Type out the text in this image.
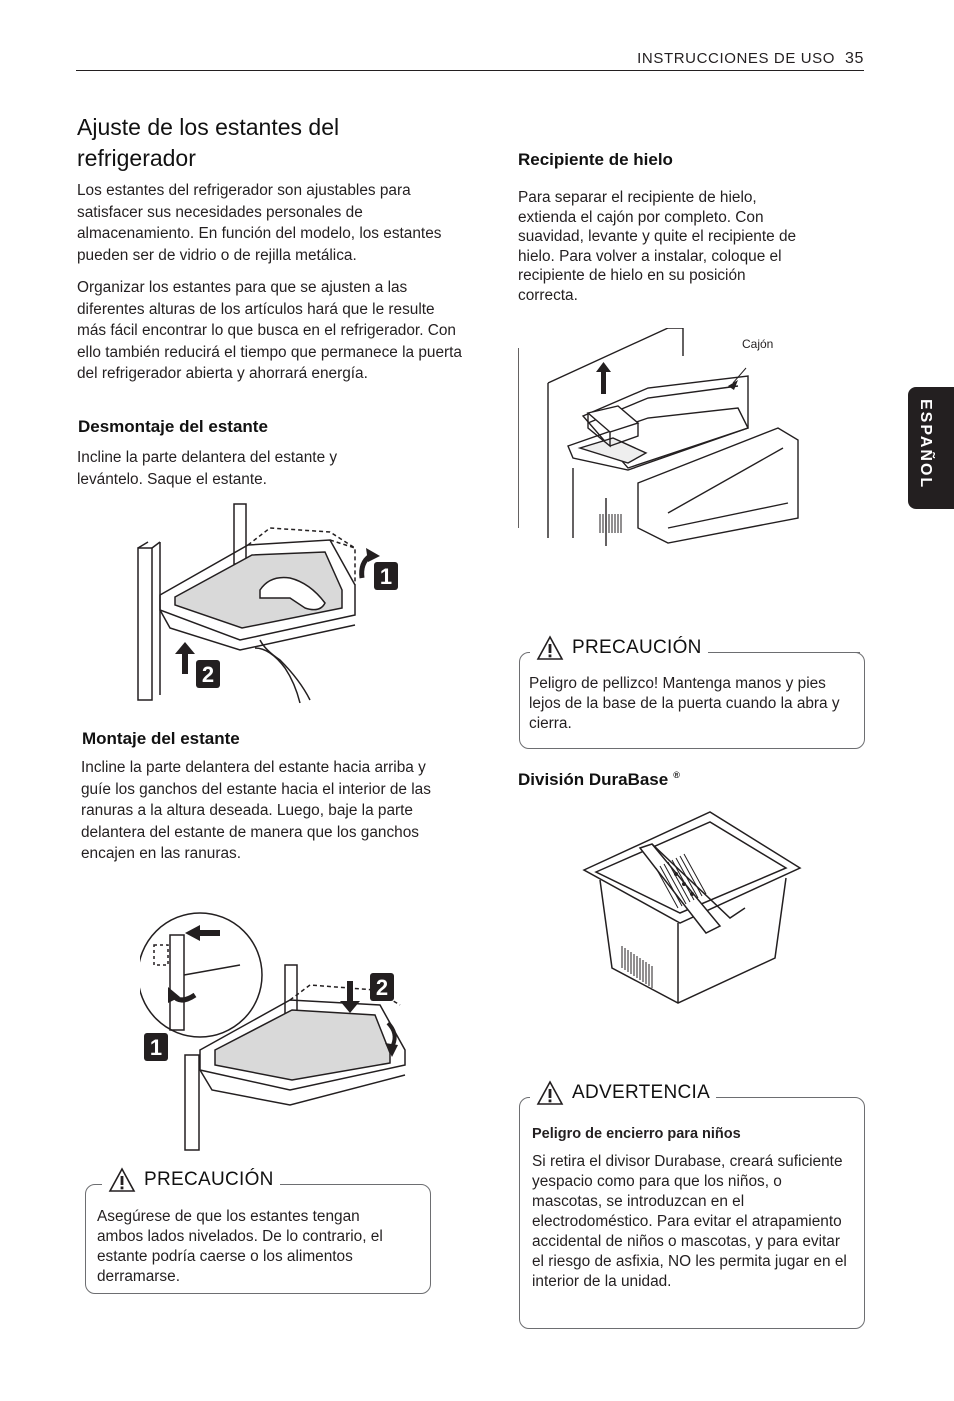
INSTRUCCIONES DE USO 35
ESPAÑOL
Ajuste de los estantes del refrigerador

Los estantes del refrigerador son ajustables para satisfacer sus necesidades personales de almacenamiento. En función del modelo, los estantes pueden ser de vidrio o de rejilla metálica.

Organizar los estantes para que se ajusten a las diferentes alturas de los artículos hará que le resulte más fácil encontrar lo que busca en el refrigerador. Con ello también reducirá el tiempo que permanece la puerta del refrigerador abierta y ahorrará energía.

Desmontaje del estante

Incline la parte delantera del estante y levántelo. Saque el estante.

1
2
Montaje del estante

Incline la parte delantera del estante hacia arriba y guíe los ganchos del estante hacia el interior de las ranuras a la altura deseada. Luego, baje la parte delantera del estante de manera que los ganchos encajen en las ranuras.

2
1
PRECAUCIÓN

Asegúrese de que los estantes tengan ambos lados nivelados. De lo contrario, el estante podría caerse o los alimentos derramarse.

Recipiente de hielo

Para separar el recipiente de hielo, extienda el cajón por completo. Con suavidad, levante y quite el recipiente de hielo. Para volver a instalar, coloque el recipiente de hielo en su posición correcta.

Cajón
PRECAUCIÓN

Peligro de pellizco! Mantenga manos y pies lejos de la base de la puerta cuando la abra y cierra.

División DuraBase ®
ADVERTENCIA

Peligro de encierro para niños

Si retira el divisor Durabase, creará suficiente yespacio como para que los niños, o mascotas, se introduzcan en el electrodoméstico. Para evitar el atrapamiento accidental de niños o mascotas, y para evitar el riesgo de asfixia, NO les permita jugar en el interior de la unidad.
